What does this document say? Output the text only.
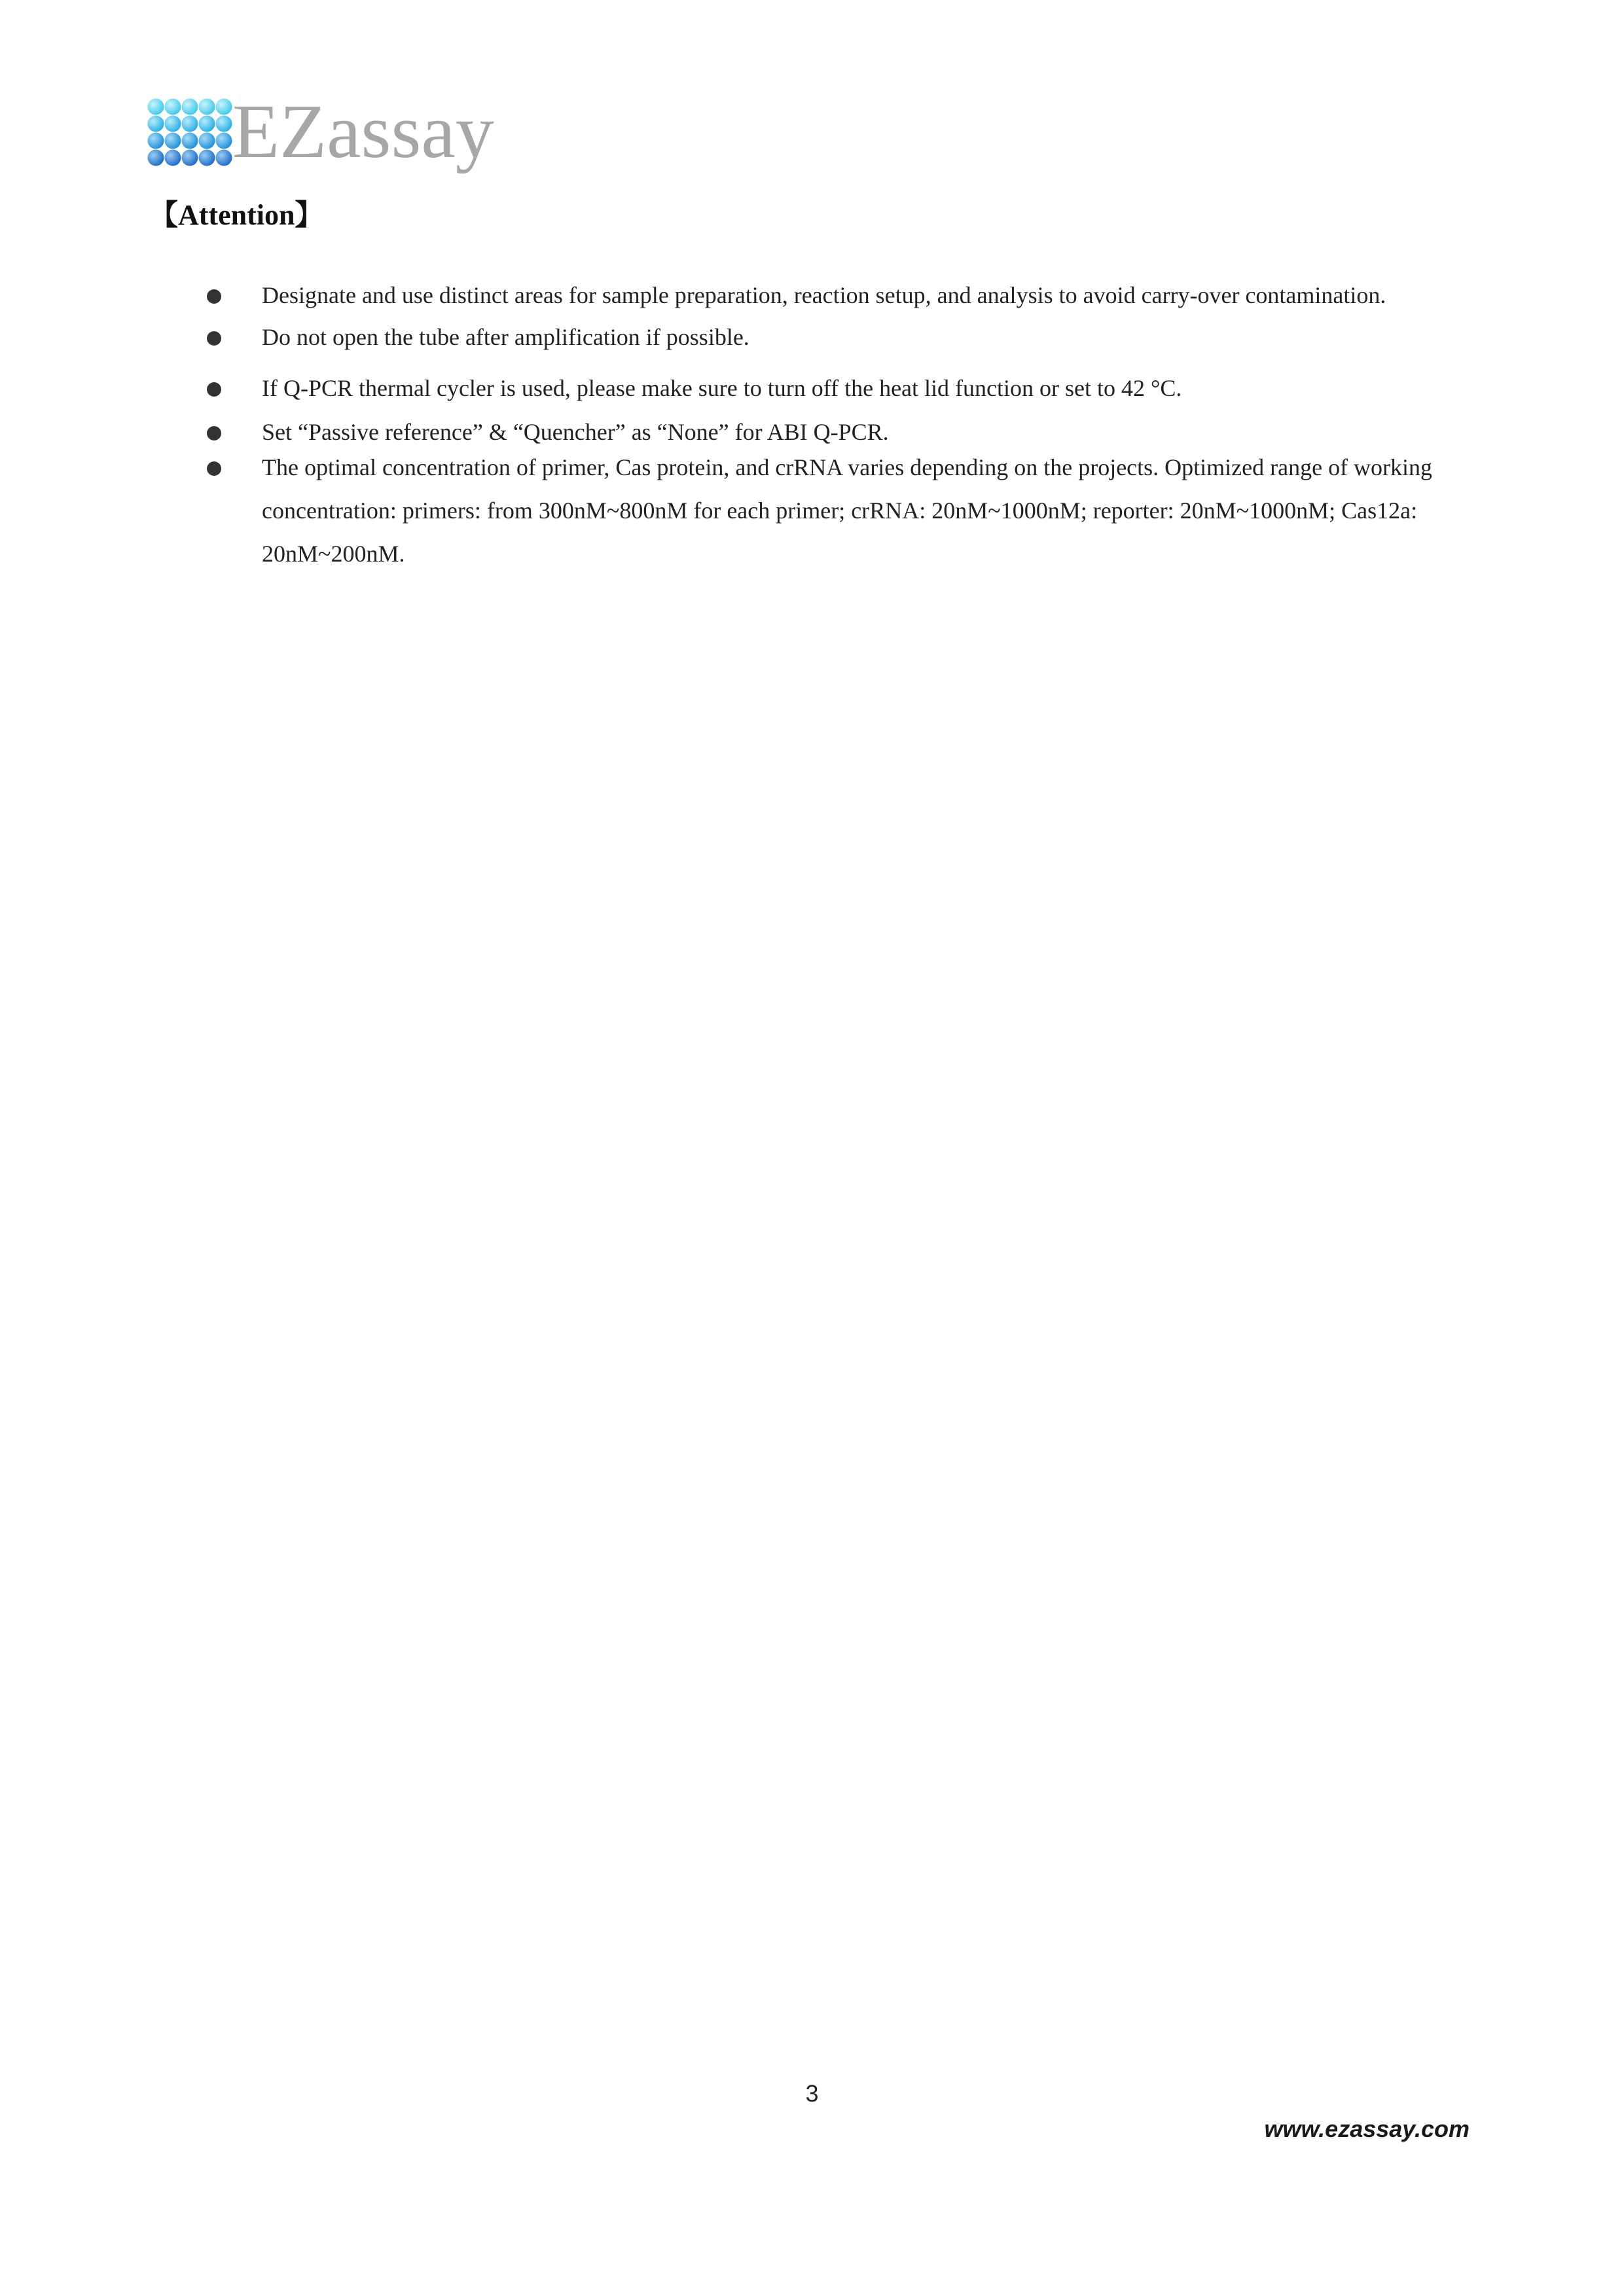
EZassay
【Attention】
Designate and use distinct areas for sample preparation, reaction setup, and analysis to avoid carry-over contamination.
Do not open the tube after amplification if possible.
If Q-PCR thermal cycler is used, please make sure to turn off the heat lid function or set to 42 °C.
Set “Passive reference” & “Quencher” as “None” for ABI Q-PCR.
The optimal concentration of primer, Cas protein, and crRNA varies depending on the projects. Optimized range of working concentration: primers: from 300nM~800nM for each primer; crRNA: 20nM~1000nM; reporter: 20nM~1000nM; Cas12a: 20nM~200nM.
3
www.ezassay.com
